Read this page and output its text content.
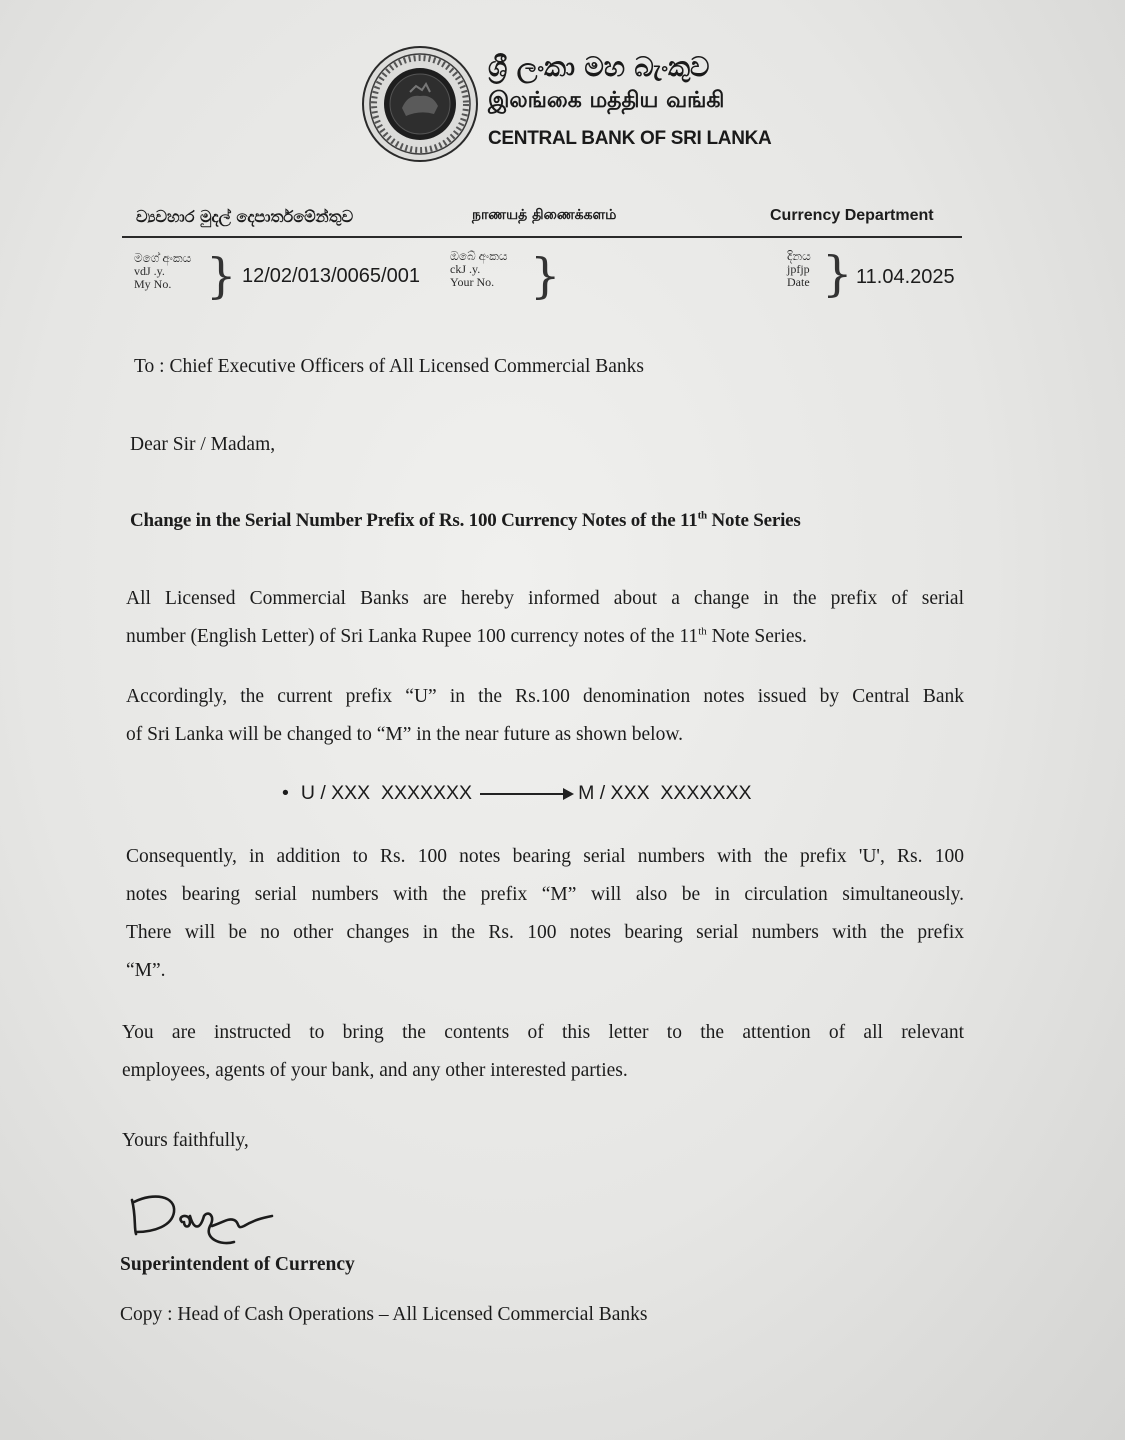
ශ්‍රී ලංකා මහ බැංකුව
இலங்கை மத்திய வங்கி
CENTRAL BANK OF SRI LANKA
ව්‍යවහාර මුදල් දෙපාර්තමේන්තුව	நாணயத் திணைக்களம்	Currency Department
මගේ අංකය
vdJ .y.
My No. } 12/02/013/0065/001
ඔබේ අංකය
ckJ .y.
Your No. }	දිනය
jpfjp
Date } 11.04.2025
To : Chief Executive Officers of All Licensed Commercial Banks
Dear Sir / Madam,
Change in the Serial Number Prefix of Rs. 100 Currency Notes of the 11th Note Series
All Licensed Commercial Banks are hereby informed about a change in the prefix of serial
number (English Letter) of Sri Lanka Rupee 100 currency notes of the 11th Note Series.
Accordingly, the current prefix “U” in the Rs.100 denomination notes issued by Central Bank
of Sri Lanka will be changed to “M” in the near future as shown below.
• U / XXX  XXXXXXX	M / XXX  XXXXXXX
Consequently, in addition to Rs. 100 notes bearing serial numbers with the prefix 'U', Rs. 100
notes bearing serial numbers with the prefix “M” will also be in circulation simultaneously.
There will be no other changes in the Rs. 100 notes bearing serial numbers with the prefix
“M”.
You are instructed to bring the contents of this letter to the attention of all relevant
employees, agents of your bank, and any other interested parties.
Yours faithfully,
Superintendent of Currency
Copy : Head of Cash Operations – All Licensed Commercial Banks
